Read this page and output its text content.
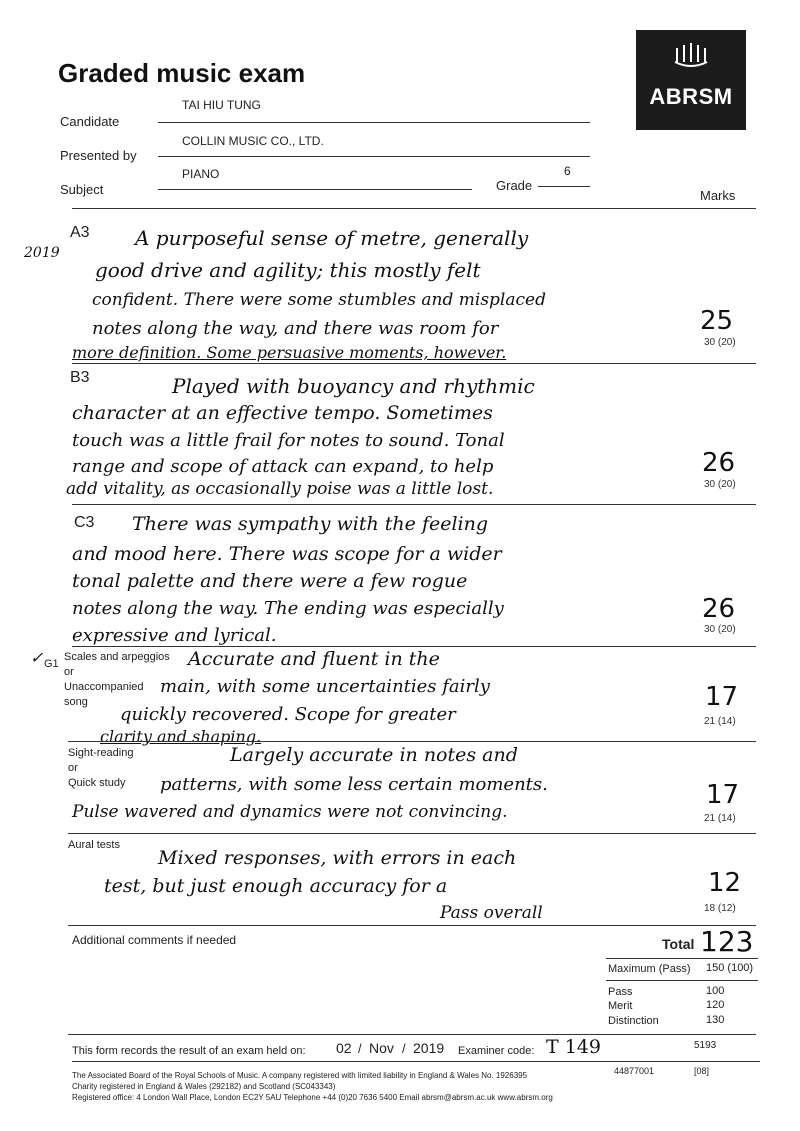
Graded music exam
ABRSM
Candidate
TAI HIU TUNG
Presented by
COLLIN MUSIC CO., LTD.
Subject
PIANO
Grade
6
Marks
2019
A3 A purposeful sense of metre, generally
good drive and agility; this mostly felt
confident. There were some stumbles and misplaced
notes along the way, and there was room for
more definition. Some persuasive moments, however.
25
30 (20)
B3	Played with buoyancy and rhythmic
character at an effective tempo. Sometimes
touch was a little frail for notes to sound. Tonal
range and scope of attack can expand, to help
add vitality, as occasionally poise was a little lost.
26
30 (20)
C3 There was sympathy with the feeling
and mood here. There was scope for a wider
tonal palette and there were a few rogue
notes along the way. The ending was especially
expressive and lyrical.
26
30 (20)
✓ G1
Scales and arpeggios
or
Unaccompanied
song
Accurate and fluent in the
main, with some uncertainties fairly
quickly recovered. Scope for greater
clarity and shaping.
17
21 (14)
Sight-reading
or
Quick study
Largely accurate in notes and
patterns, with some less certain moments.
Pulse wavered and dynamics were not convincing.
17
21 (14)
Aural tests
Mixed responses, with errors in each
test, but just enough accuracy for a
Pass overall
12
18 (12)
Additional comments if needed	Total 123
Maximum (Pass) 150 (100)
Pass	100
Merit	120
Distinction	130
This form records the result of an exam held on: 02 / Nov / 2019 Examiner code: T 149	5193
The Associated Board of the Royal Schools of Music. A company registered with limited liability in England & Wales No. 1926395	44877001	[08]
Charity registered in England & Wales (292182) and Scotland (SC043343)
Registered office: 4 London Wall Place, London EC2Y 5AU Telephone +44 (0)20 7636 5400 Email abrsm@abrsm.ac.uk www.abrsm.org
